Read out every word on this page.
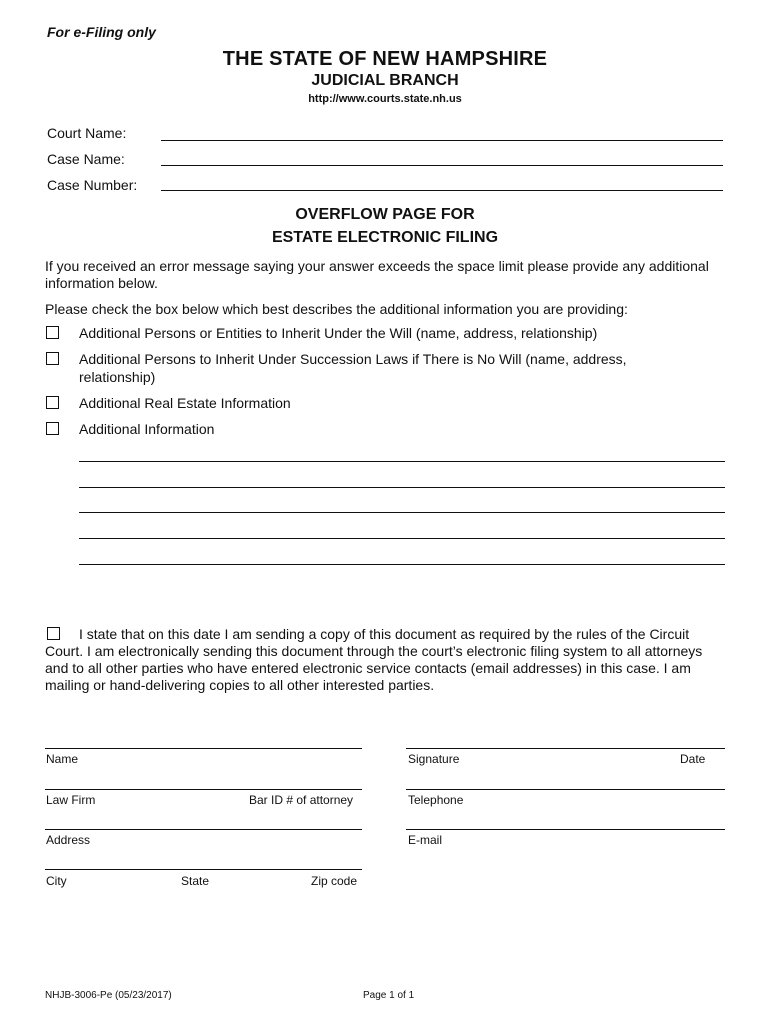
For e-Filing only
THE STATE OF NEW HAMPSHIRE
JUDICIAL BRANCH
http://www.courts.state.nh.us
Court Name:
Case Name:
Case Number:
OVERFLOW PAGE FOR
ESTATE ELECTRONIC FILING
If you received an error message saying your answer exceeds the space limit please provide any additional information below.
Please check the box below which best describes the additional information you are providing:
Additional Persons or Entities to Inherit Under the Will (name, address, relationship)
Additional Persons to Inherit Under Succession Laws if There is No Will (name, address, relationship)
Additional Real Estate Information
Additional Information
I state that on this date I am sending a copy of this document as required by the rules of the Circuit Court. I am electronically sending this document through the court’s electronic filing system to all attorneys and to all other parties who have entered electronic service contacts (email addresses) in this case. I am mailing or hand-delivering copies to all other interested parties.
Name	Signature	Date
Law Firm	Bar ID # of attorney	Telephone
Address	E-mail
City	State	Zip code
NHJB-3006-Pe (05/23/2017)	Page 1 of 1
